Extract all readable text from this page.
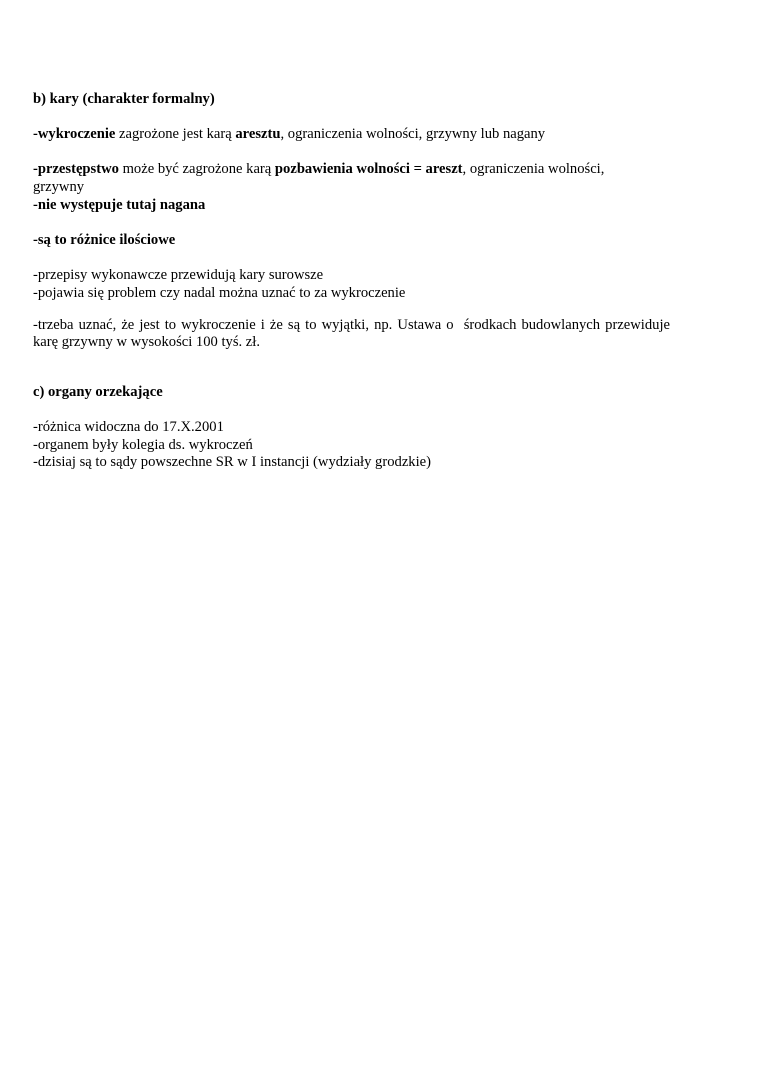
b) kary (charakter formalny)

-wykroczenie zagrożone jest karą aresztu, ograniczenia wolności, grzywny lub nagany

-przestępstwo może być zagrożone karą pozbawienia wolności = areszt, ograniczenia wolności, grzywny

-nie występuje tutaj nagana

-są to różnice ilościowe

-przepisy wykonawcze przewidują kary surowsze

-pojawia się problem czy nadal można uznać to za wykroczenie

-trzeba uznać, że jest to wykroczenie i że są to wyjątki, np. Ustawa o  środkach budowlanych przewiduje karę grzywny w wysokości 100 tyś. zł.

c) organy orzekające

-różnica widoczna do 17.X.2001

-organem były kolegia ds. wykroczeń

-dzisiaj są to sądy powszechne SR w I instancji (wydziały grodzkie)
